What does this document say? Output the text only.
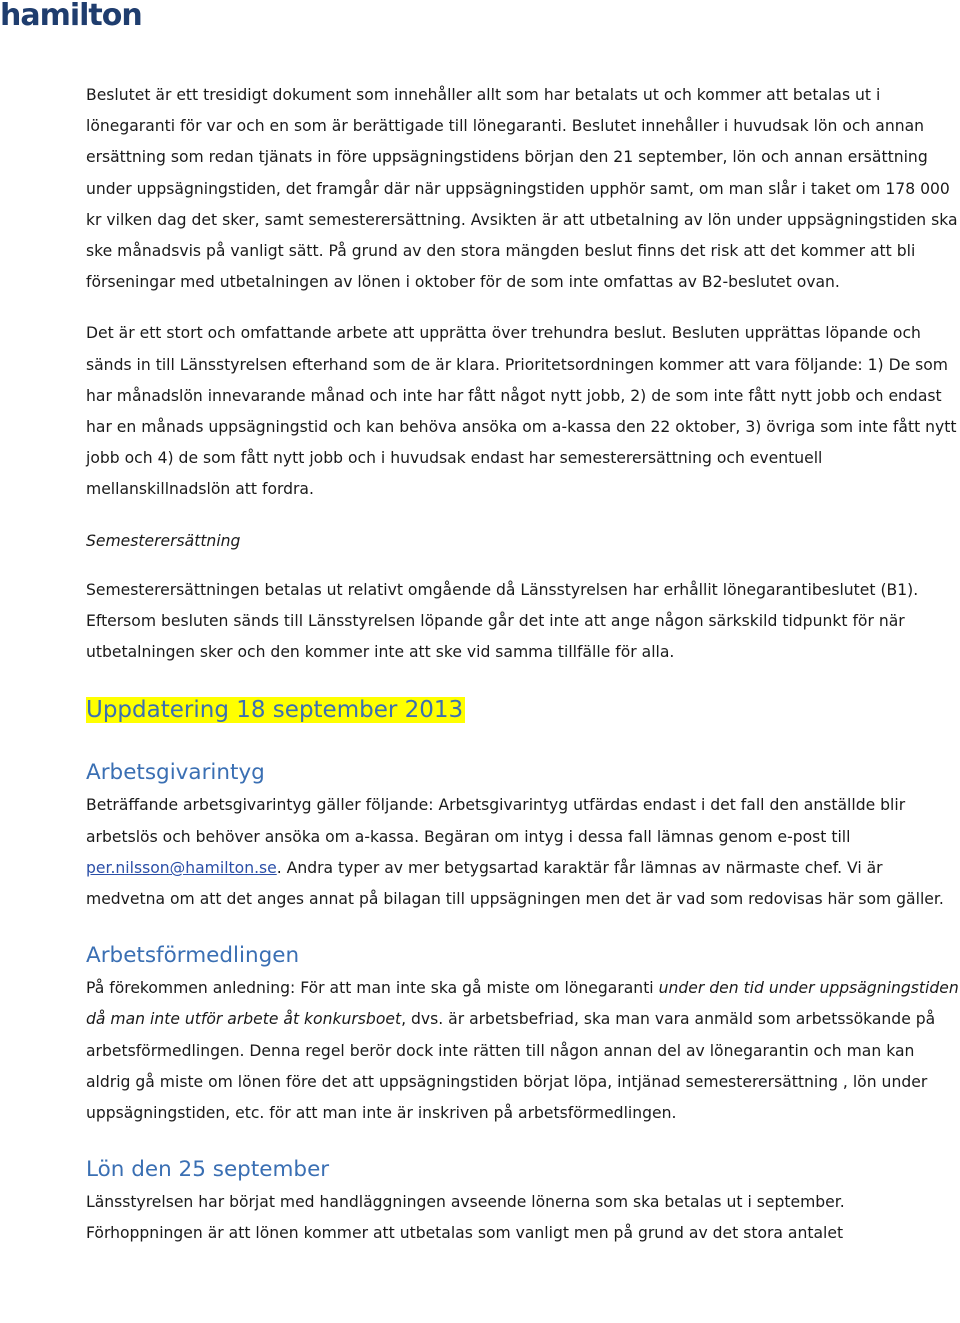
hamilton

Beslutet är ett tresidigt dokument som innehåller allt som har betalats ut och kommer att betalas ut i lönegaranti för var och en som är berättigade till lönegaranti. Beslutet innehåller i huvudsak lön och annan ersättning som redan tjänats in före uppsägningstidens början den 21 september, lön och annan ersättning under uppsägningstiden, det framgår där när uppsägningstiden upphör samt, om man slår i taket om 178 000 kr vilken dag det sker, samt semesterersättning. Avsikten är att utbetalning av lön under uppsägningstiden ska ske månadsvis på vanligt sätt. På grund av den stora mängden beslut finns det risk att det kommer att bli förseningar med utbetalningen av lönen i oktober för de som inte omfattas av B2-beslutet ovan.

Det är ett stort och omfattande arbete att upprätta över trehundra beslut. Besluten upprättas löpande och sänds in till Länsstyrelsen efterhand som de är klara. Prioritetsordningen kommer att vara följande: 1) De som har månadslön innevarande månad och inte har fått något nytt jobb, 2) de som inte fått nytt jobb och endast har en månads uppsägningstid och kan behöva ansöka om a-kassa den 22 oktober, 3) övriga som inte fått nytt jobb och 4) de som fått nytt jobb och i huvudsak endast har semesterersättning och eventuell mellanskillnadslön att fordra.

Semesterersättning

Semesterersättningen betalas ut relativt omgående då Länsstyrelsen har erhållit lönegarantibeslutet (B1). Eftersom besluten sänds till Länsstyrelsen löpande går det inte att ange någon särkskild tidpunkt för när utbetalningen sker och den kommer inte att ske vid samma tillfälle för alla.

Uppdatering 18 september 2013
Arbetsgivarintyg

Beträffande arbetsgivarintyg gäller följande: Arbetsgivarintyg utfärdas endast i det fall den anställde blir arbetslös och behöver ansöka om a-kassa. Begäran om intyg i dessa fall lämnas genom e-post till per.nilsson@hamilton.se. Andra typer av mer betygsartad karaktär får lämnas av närmaste chef. Vi är medvetna om att det anges annat på bilagan till uppsägningen men det är vad som redovisas här som gäller.

Arbetsförmedlingen

På förekommen anledning: För att man inte ska gå miste om lönegaranti under den tid under uppsägningstiden då man inte utför arbete åt konkursboet, dvs. är arbetsbefriad, ska man vara anmäld som arbetssökande på arbetsförmedlingen. Denna regel berör dock inte rätten till någon annan del av lönegarantin och man kan aldrig gå miste om lönen före det att uppsägningstiden börjat löpa, intjänad semesterersättning , lön under uppsägningstiden, etc. för att man inte är inskriven på arbetsförmedlingen.

Lön den 25 september

Länsstyrelsen har börjat med handläggningen avseende lönerna som ska betalas ut i september.

Förhoppningen är att lönen kommer att utbetalas som vanligt men på grund av det stora antalet
